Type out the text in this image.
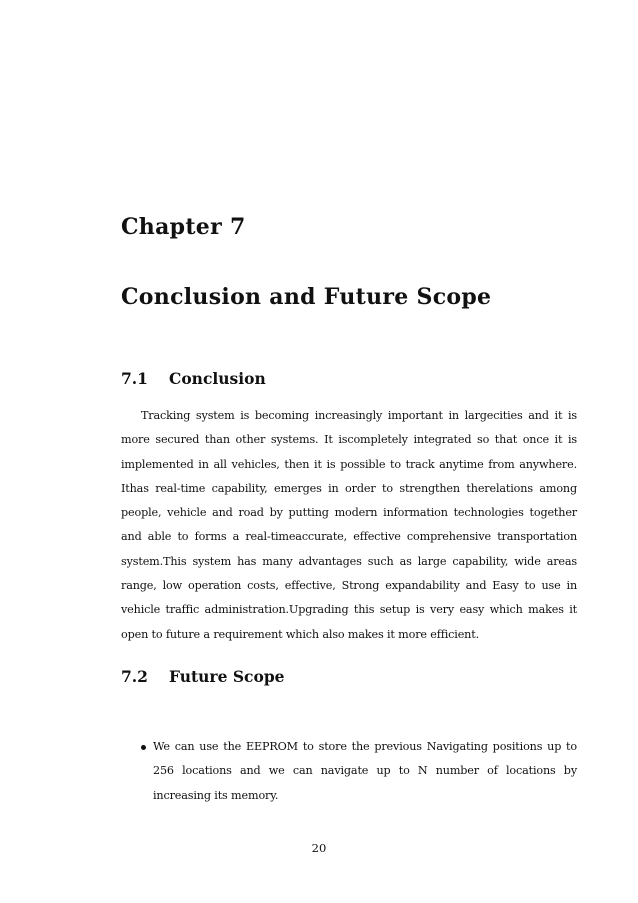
Chapter 7
Conclusion and Future Scope
7.1 Conclusion

Tracking system is becoming increasingly important in largecities and it is more secured than other systems. It iscompletely integrated so that once it is implemented in all vehicles, then it is possible to track anytime from anywhere. Ithas real-time capability, emerges in order to strengthen therelations among people, vehicle and road by putting modern information technologies together and able to forms a real-timeaccurate, effective comprehensive transportation system.This system has many advantages such as large capability, wide areas range, low operation costs, effective, Strong expandability and Easy to use in vehicle traffic administration.Upgrading this setup is very easy which makes it open to future a requirement which also makes it more efficient.

7.2 Future Scope
We can use the EEPROM to store the previous Navigating positions up to 256 locations and we can navigate up to N number of locations by increasing its memory.

20
